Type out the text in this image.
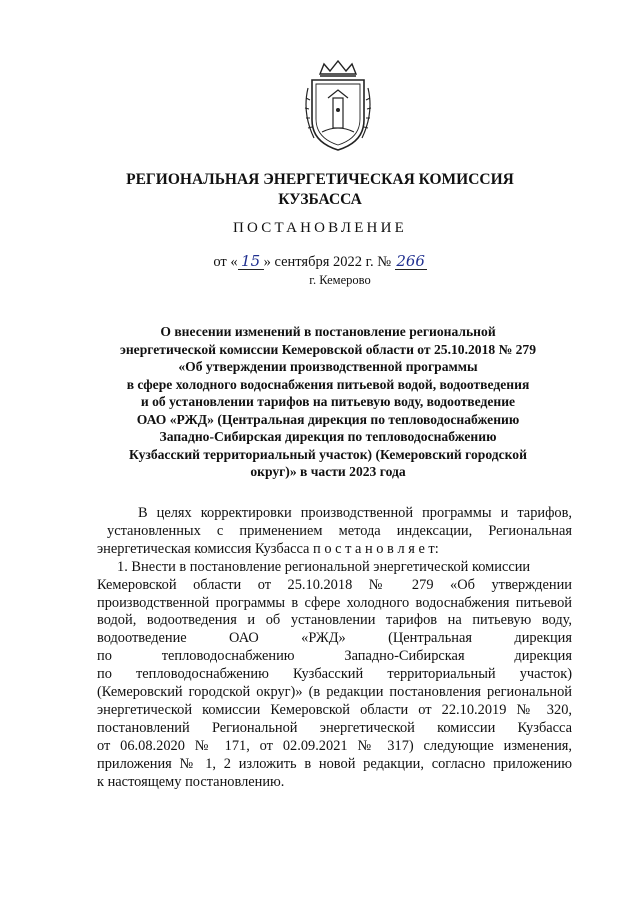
РЕГИОНАЛЬНАЯ ЭНЕРГЕТИЧЕСКАЯ КОМИССИЯ
КУЗБАССА
ПОСТАНОВЛЕНИЕ
от « 15 » сентября 2022 г. № 266
г. Кемерово
О внесении изменений в постановление региональной
энергетической комиссии Кемеровской области от 25.10.2018 № 279
«Об утверждении производственной программы
в сфере холодного водоснабжения питьевой водой, водоотведения
и об установлении тарифов на питьевую воду, водоотведение
ОАО «РЖД» (Центральная дирекция по тепловодоснабжению
Западно-Сибирская дирекция по тепловодоснабжению
Кузбасский территориальный участок) (Кемеровский городской
округ)» в части 2023 года
В целях корректировки производственной программы и тарифов,
установленных с применением метода индексации, Региональная
энергетическая комиссия Кузбасса п о с т а н о в л я е т:
1. Внести в постановление региональной энергетической комиссии
Кемеровской области от 25.10.2018 № 279 «Об утверждении
производственной программы в сфере холодного водоснабжения питьевой
водой, водоотведения и об установлении тарифов на питьевую воду,
водоотведение ОАО «РЖД» (Центральная дирекция
по тепловодоснабжению Западно-Сибирская дирекция
по тепловодоснабжению Кузбасский территориальный участок)
(Кемеровский городской округ)» (в редакции постановления региональной
энергетической комиссии Кемеровской области от 22.10.2019 № 320,
постановлений Региональной энергетической комиссии Кузбасса
от 06.08.2020 № 171, от 02.09.2021 № 317) следующие изменения,
приложения № 1, 2 изложить в новой редакции, согласно приложению
к настоящему постановлению.
